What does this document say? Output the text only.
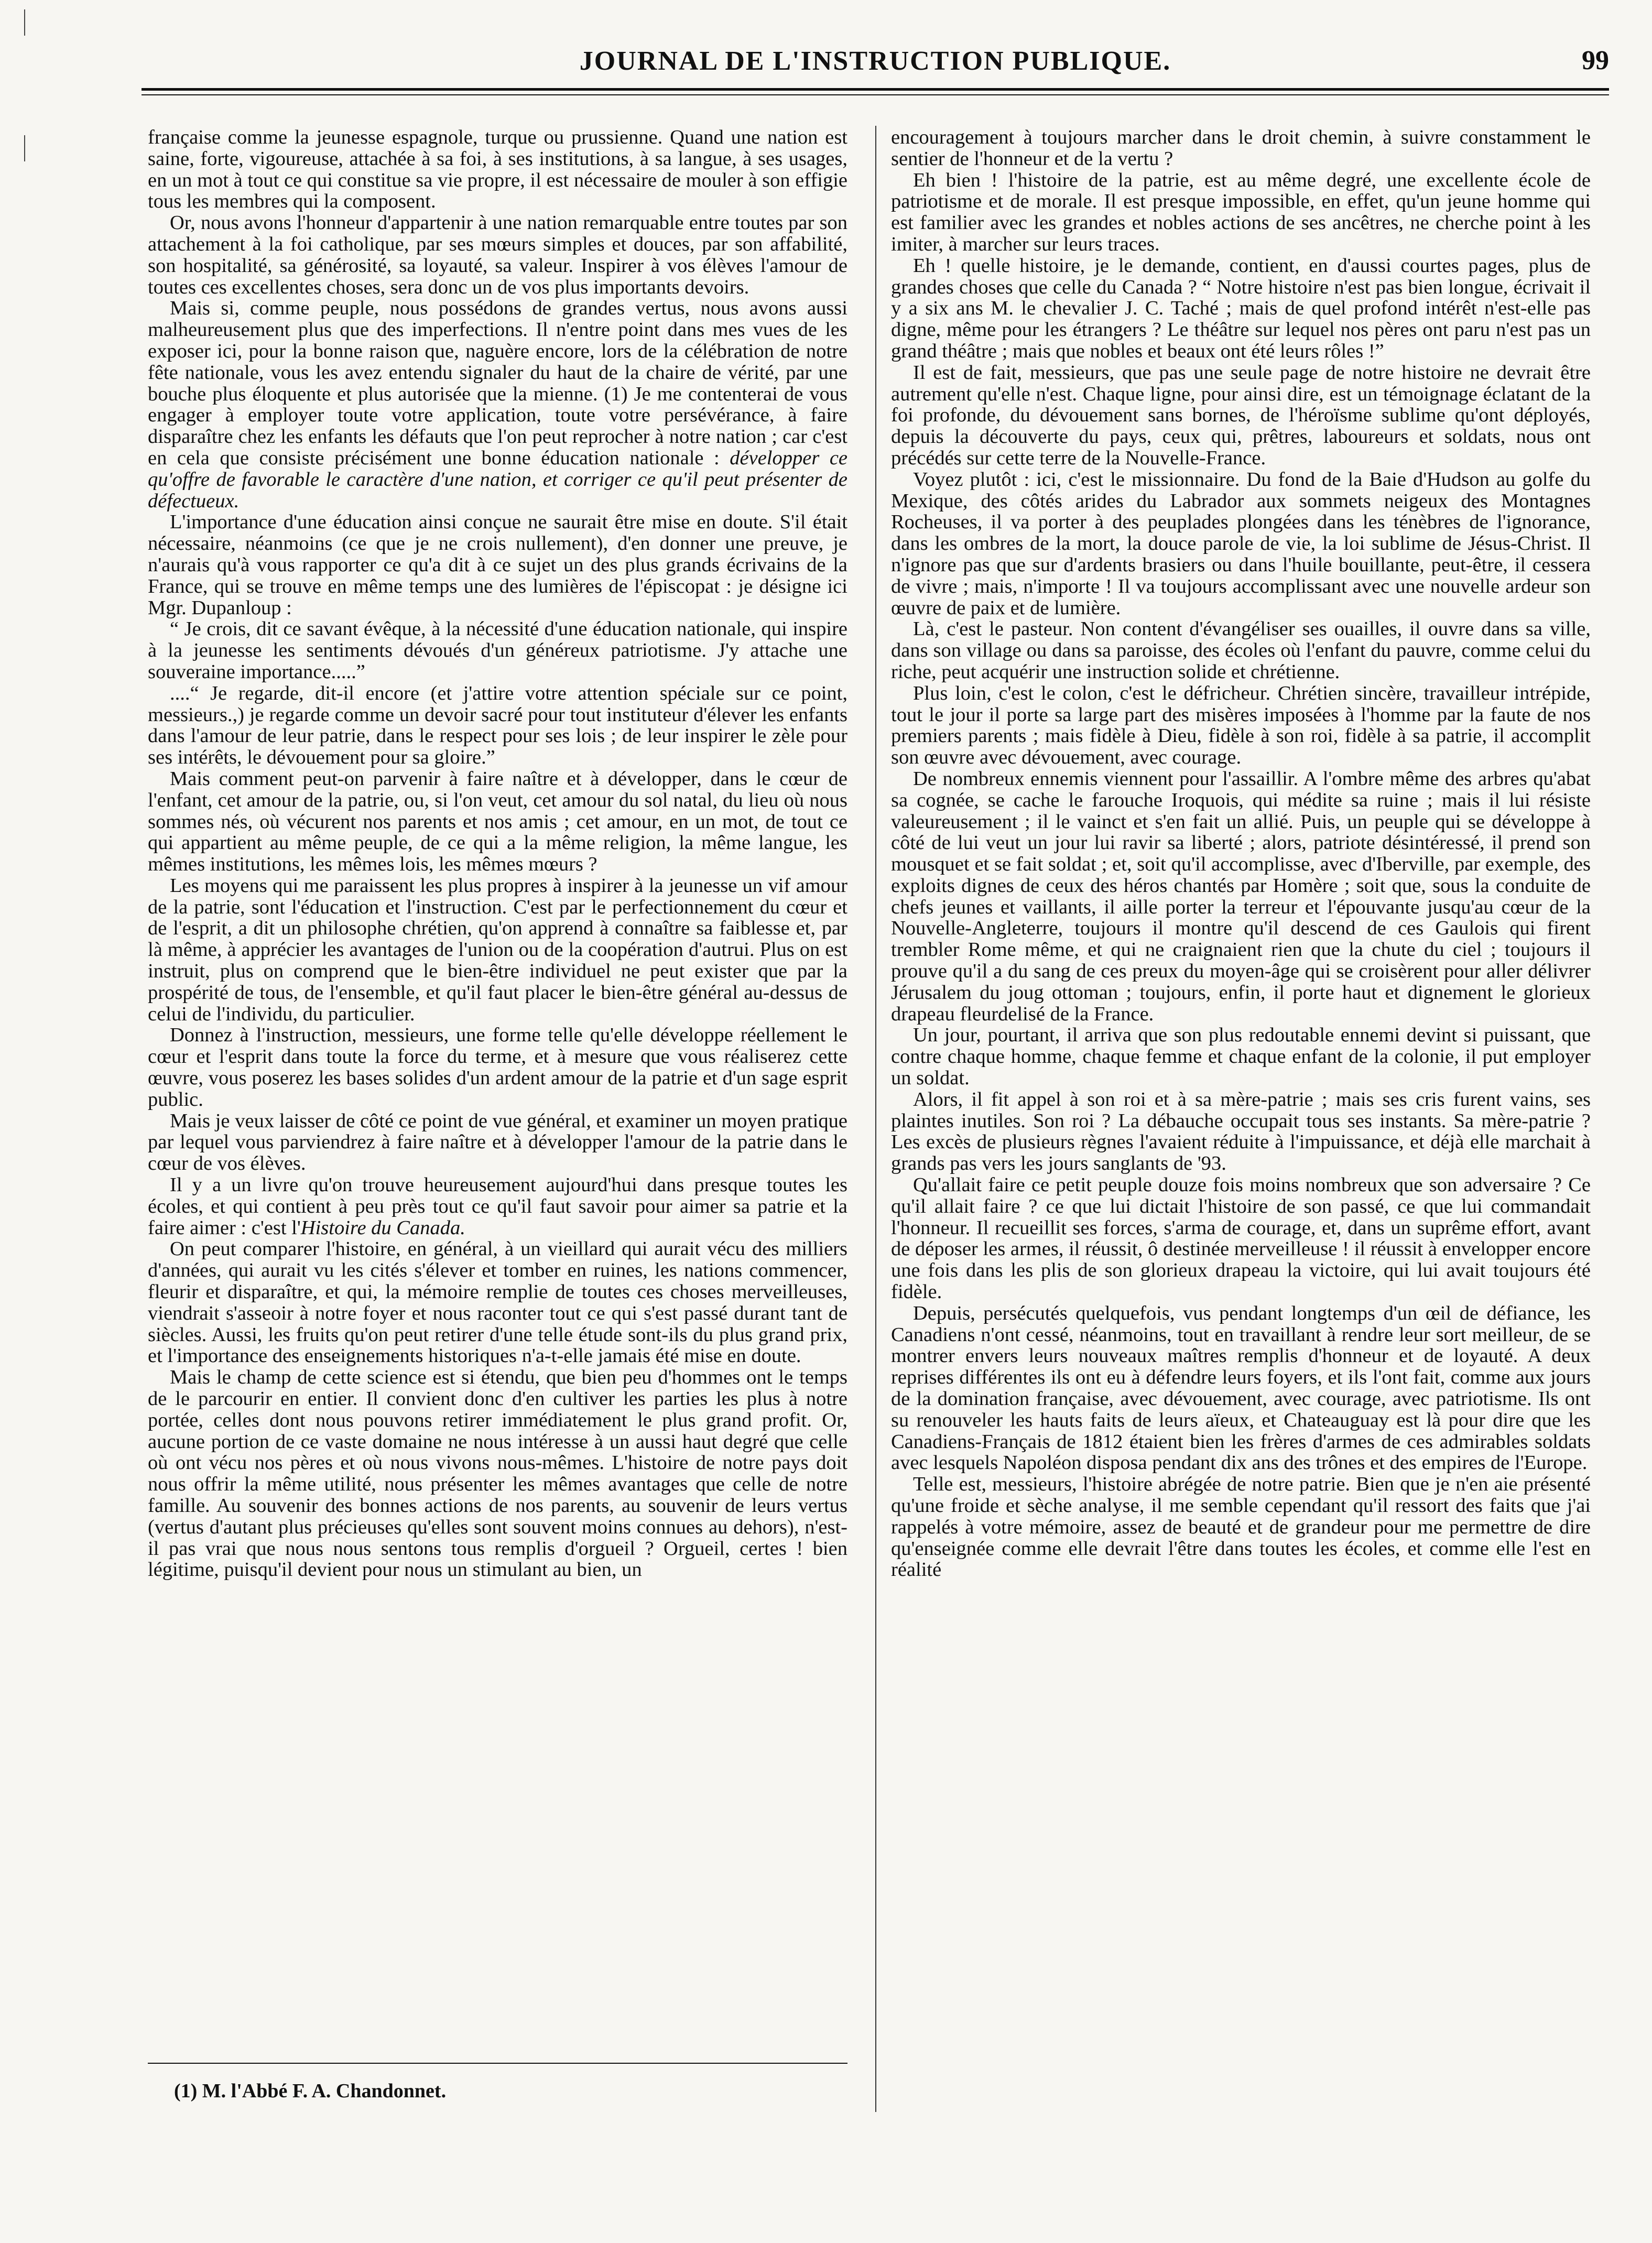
JOURNAL DE L'INSTRUCTION PUBLIQUE.	99

française comme la jeunesse espagnole, turque ou prussienne. Quand une nation est saine, forte, vigoureuse, attachée à sa foi, à ses institutions, à sa langue, à ses usages, en un mot à tout ce qui constitue sa vie propre, il est nécessaire de mouler à son effigie tous les membres qui la composent.

Or, nous avons l'honneur d'appartenir à une nation remarquable entre toutes par son attachement à la foi catholique, par ses mœurs simples et douces, par son affabilité, son hospitalité, sa générosité, sa loyauté, sa valeur. Inspirer à vos élèves l'amour de toutes ces excellentes choses, sera donc un de vos plus importants devoirs.

Mais si, comme peuple, nous possédons de grandes vertus, nous avons aussi malheureusement plus que des imperfections. Il n'entre point dans mes vues de les exposer ici, pour la bonne raison que, naguère encore, lors de la célébration de notre fête nationale, vous les avez entendu signaler du haut de la chaire de vérité, par une bouche plus éloquente et plus autorisée que la mienne. (1) Je me contenterai de vous engager à employer toute votre application, toute votre persévérance, à faire disparaître chez les enfants les défauts que l'on peut reprocher à notre nation ; car c'est en cela que consiste précisément une bonne éducation nationale : développer ce qu'offre de favorable le caractère d'une nation, et corriger ce qu'il peut présenter de défectueux.

L'importance d'une éducation ainsi conçue ne saurait être mise en doute. S'il était nécessaire, néanmoins (ce que je ne crois nullement), d'en donner une preuve, je n'aurais qu'à vous rapporter ce qu'a dit à ce sujet un des plus grands écrivains de la France, qui se trouve en même temps une des lumières de l'épiscopat : je désigne ici Mgr. Dupanloup :

“ Je crois, dit ce savant évêque, à la nécessité d'une éducation nationale, qui inspire à la jeunesse les sentiments dévoués d'un généreux patriotisme. J'y attache une souveraine importance.....”

....“ Je regarde, dit-il encore (et j'attire votre attention spéciale sur ce point, messieurs.,) je regarde comme un devoir sacré pour tout instituteur d'élever les enfants dans l'amour de leur patrie, dans le respect pour ses lois ; de leur inspirer le zèle pour ses intérêts, le dévouement pour sa gloire.”

Mais comment peut-on parvenir à faire naître et à développer, dans le cœur de l'enfant, cet amour de la patrie, ou, si l'on veut, cet amour du sol natal, du lieu où nous sommes nés, où vécurent nos parents et nos amis ; cet amour, en un mot, de tout ce qui appartient au même peuple, de ce qui a la même religion, la même langue, les mêmes institutions, les mêmes lois, les mêmes mœurs ?

Les moyens qui me paraissent les plus propres à inspirer à la jeunesse un vif amour de la patrie, sont l'éducation et l'instruction. C'est par le perfectionnement du cœur et de l'esprit, a dit un philosophe chrétien, qu'on apprend à connaître sa faiblesse et, par là même, à apprécier les avantages de l'union ou de la coopération d'autrui. Plus on est instruit, plus on comprend que le bien-être individuel ne peut exister que par la prospérité de tous, de l'ensemble, et qu'il faut placer le bien-être général au-dessus de celui de l'individu, du particulier.

Donnez à l'instruction, messieurs, une forme telle qu'elle développe réellement le cœur et l'esprit dans toute la force du terme, et à mesure que vous réaliserez cette œuvre, vous poserez les bases solides d'un ardent amour de la patrie et d'un sage esprit public.

Mais je veux laisser de côté ce point de vue général, et examiner un moyen pratique par lequel vous parviendrez à faire naître et à développer l'amour de la patrie dans le cœur de vos élèves.

Il y a un livre qu'on trouve heureusement aujourd'hui dans presque toutes les écoles, et qui contient à peu près tout ce qu'il faut savoir pour aimer sa patrie et la faire aimer : c'est l'Histoire du Canada.

On peut comparer l'histoire, en général, à un vieillard qui aurait vécu des milliers d'années, qui aurait vu les cités s'élever et tomber en ruines, les nations commencer, fleurir et disparaître, et qui, la mémoire remplie de toutes ces choses merveilleuses, viendrait s'asseoir à notre foyer et nous raconter tout ce qui s'est passé durant tant de siècles. Aussi, les fruits qu'on peut retirer d'une telle étude sont-ils du plus grand prix, et l'importance des enseignements historiques n'a-t-elle jamais été mise en doute.

Mais le champ de cette science est si étendu, que bien peu d'hommes ont le temps de le parcourir en entier. Il convient donc d'en cultiver les parties les plus à notre portée, celles dont nous pouvons retirer immédiatement le plus grand profit. Or, aucune portion de ce vaste domaine ne nous intéresse à un aussi haut degré que celle où ont vécu nos pères et où nous vivons nous-mêmes. L'histoire de notre pays doit nous offrir la même utilité, nous présenter les mêmes avantages que celle de notre famille. Au souvenir des bonnes actions de nos parents, au souvenir de leurs vertus (vertus d'autant plus précieuses qu'elles sont souvent moins connues au dehors), n'est-il pas vrai que nous nous sentons tous remplis d'orgueil ? Orgueil, certes ! bien légitime, puisqu'il devient pour nous un stimulant au bien, un

encouragement à toujours marcher dans le droit chemin, à suivre constamment le sentier de l'honneur et de la vertu ?

Eh bien ! l'histoire de la patrie, est au même degré, une excellente école de patriotisme et de morale. Il est presque impossible, en effet, qu'un jeune homme qui est familier avec les grandes et nobles actions de ses ancêtres, ne cherche point à les imiter, à marcher sur leurs traces.

Eh ! quelle histoire, je le demande, contient, en d'aussi courtes pages, plus de grandes choses que celle du Canada ? “ Notre histoire n'est pas bien longue, écrivait il y a six ans M. le chevalier J. C. Taché ; mais de quel profond intérêt n'est-elle pas digne, même pour les étrangers ? Le théâtre sur lequel nos pères ont paru n'est pas un grand théâtre ; mais que nobles et beaux ont été leurs rôles !”

Il est de fait, messieurs, que pas une seule page de notre histoire ne devrait être autrement qu'elle n'est. Chaque ligne, pour ainsi dire, est un témoignage éclatant de la foi profonde, du dévouement sans bornes, de l'héroïsme sublime qu'ont déployés, depuis la découverte du pays, ceux qui, prêtres, laboureurs et soldats, nous ont précédés sur cette terre de la Nouvelle-France.

Voyez plutôt : ici, c'est le missionnaire. Du fond de la Baie d'Hudson au golfe du Mexique, des côtés arides du Labrador aux sommets neigeux des Montagnes Rocheuses, il va porter à des peuplades plongées dans les ténèbres de l'ignorance, dans les ombres de la mort, la douce parole de vie, la loi sublime de Jésus-Christ. Il n'ignore pas que sur d'ardents brasiers ou dans l'huile bouillante, peut-être, il cessera de vivre ; mais, n'importe ! Il va toujours accomplissant avec une nouvelle ardeur son œuvre de paix et de lumière.

Là, c'est le pasteur. Non content d'évangéliser ses ouailles, il ouvre dans sa ville, dans son village ou dans sa paroisse, des écoles où l'enfant du pauvre, comme celui du riche, peut acquérir une instruction solide et chrétienne.

Plus loin, c'est le colon, c'est le défricheur. Chrétien sincère, travailleur intrépide, tout le jour il porte sa large part des misères imposées à l'homme par la faute de nos premiers parents ; mais fidèle à Dieu, fidèle à son roi, fidèle à sa patrie, il accomplit son œuvre avec dévouement, avec courage.

De nombreux ennemis viennent pour l'assaillir. A l'ombre même des arbres qu'abat sa cognée, se cache le farouche Iroquois, qui médite sa ruine ; mais il lui résiste valeureusement ; il le vainct et s'en fait un allié. Puis, un peuple qui se développe à côté de lui veut un jour lui ravir sa liberté ; alors, patriote désintéressé, il prend son mousquet et se fait soldat ; et, soit qu'il accomplisse, avec d'Iberville, par exemple, des exploits dignes de ceux des héros chantés par Homère ; soit que, sous la conduite de chefs jeunes et vaillants, il aille porter la terreur et l'épouvante jusqu'au cœur de la Nouvelle-Angleterre, toujours il montre qu'il descend de ces Gaulois qui firent trembler Rome même, et qui ne craignaient rien que la chute du ciel ; toujours il prouve qu'il a du sang de ces preux du moyen-âge qui se croisèrent pour aller délivrer Jérusalem du joug ottoman ; toujours, enfin, il porte haut et dignement le glorieux drapeau fleurdelisé de la France.

Un jour, pourtant, il arriva que son plus redoutable ennemi devint si puissant, que contre chaque homme, chaque femme et chaque enfant de la colonie, il put employer un soldat.

Alors, il fit appel à son roi et à sa mère-patrie ; mais ses cris furent vains, ses plaintes inutiles. Son roi ? La débauche occupait tous ses instants. Sa mère-patrie ? Les excès de plusieurs règnes l'avaient réduite à l'impuissance, et déjà elle marchait à grands pas vers les jours sanglants de '93.

Qu'allait faire ce petit peuple douze fois moins nombreux que son adversaire ? Ce qu'il allait faire ? ce que lui dictait l'histoire de son passé, ce que lui commandait l'honneur. Il recueillit ses forces, s'arma de courage, et, dans un suprême effort, avant de déposer les armes, il réussit, ô destinée merveilleuse ! il réussit à envelopper encore une fois dans les plis de son glorieux drapeau la victoire, qui lui avait toujours été fidèle.

Depuis, persécutés quelquefois, vus pendant longtemps d'un œil de défiance, les Canadiens n'ont cessé, néanmoins, tout en travaillant à rendre leur sort meilleur, de se montrer envers leurs nouveaux maîtres remplis d'honneur et de loyauté. A deux reprises différentes ils ont eu à défendre leurs foyers, et ils l'ont fait, comme aux jours de la domination française, avec dévouement, avec courage, avec patriotisme. Ils ont su renouveler les hauts faits de leurs aïeux, et Chateauguay est là pour dire que les Canadiens-Français de 1812 étaient bien les frères d'armes de ces admirables soldats avec lesquels Napoléon disposa pendant dix ans des trônes et des empires de l'Europe.

Telle est, messieurs, l'histoire abrégée de notre patrie. Bien que je n'en aie présenté qu'une froide et sèche analyse, il me semble cependant qu'il ressort des faits que j'ai rappelés à votre mémoire, assez de beauté et de grandeur pour me permettre de dire qu'enseignée comme elle devrait l'être dans toutes les écoles, et comme elle l'est en réalité

(1) M. l'Abbé F. A. Chandonnet.
